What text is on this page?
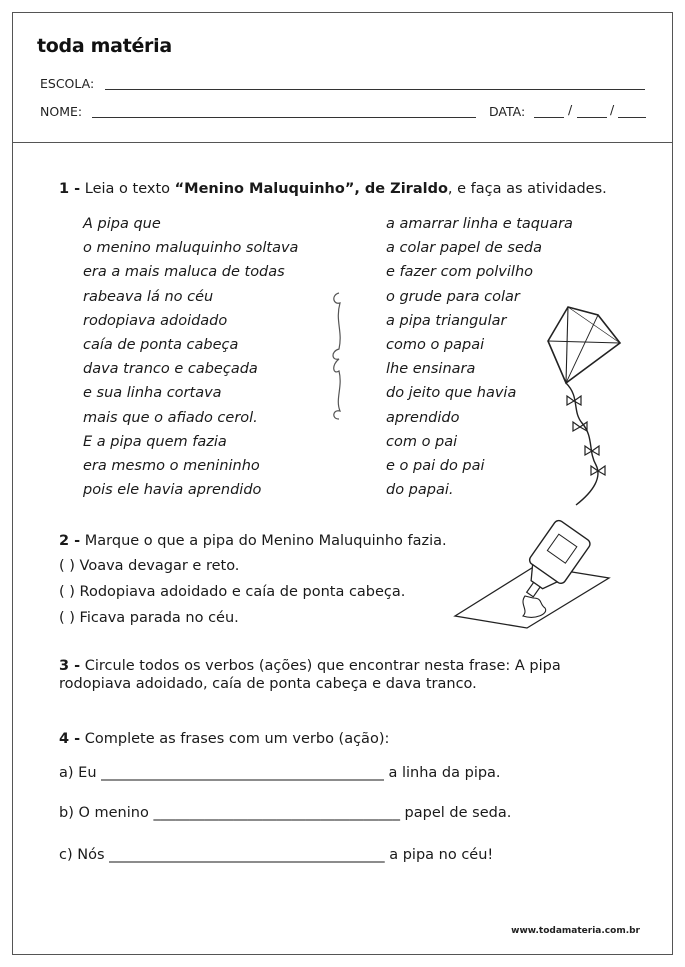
toda matéria
ESCOLA:
NOME:	DATA:	/	/
1 - Leia o texto “Menino Maluquinho”, de Ziraldo, e faça as atividades.
A pipa que
o menino maluquinho soltava
era a mais maluca de todas
rabeava lá no céu
rodopiava adoidado
caía de ponta cabeça
dava tranco e cabeçada
e sua linha cortava
mais que o afiado cerol.
E a pipa quem fazia
era mesmo o menininho
pois ele havia aprendido
a amarrar linha e taquara
a colar papel de seda
e fazer com polvilho
o grude para colar
a pipa triangular
como o papai
lhe ensinara
do jeito que havia
aprendido
com o pai
e o pai do pai
do papai.
2 - Marque o que a pipa do Menino Maluquinho fazia.
( ) Voava devagar e reto.
( ) Rodopiava adoidado e caía de ponta cabeça.
( ) Ficava parada no céu.
3 - Circule todos os verbos (ações) que encontrar nesta frase: A pipa rodopiava adoidado, caía de ponta cabeça e dava tranco.
4 - Complete as frases com um verbo (ação):
a) Eu _______________________________________ a linha da pipa.
b) O menino __________________________________ papel de seda.
c) Nós ______________________________________ a pipa no céu!
www.todamateria.com.br
